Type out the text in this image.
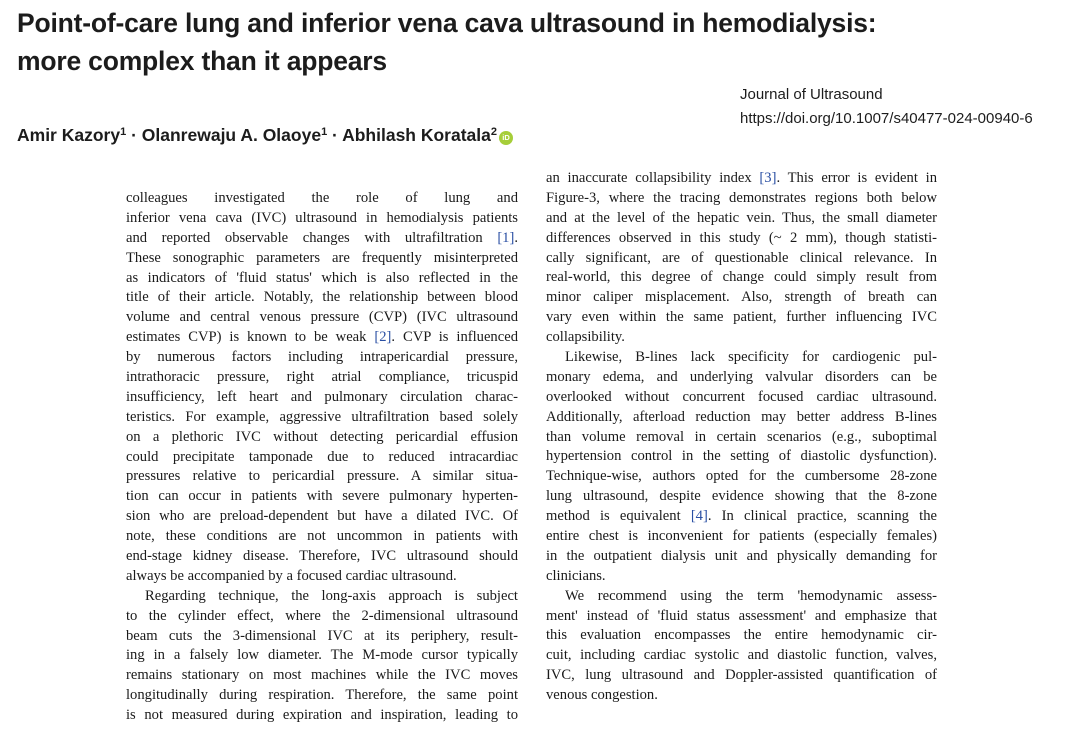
Point-of-care lung and inferior vena cava ultrasound in hemodialysis:
more complex than it appears
Journal of Ultrasound
https://doi.org/10.1007/s40477-024-00940-6
Amir Kazory$^1$ · Olanrewaju A. Olaoye$^1$ · Abhilash Koratala$^2$ iD
colleagues investigated the role of lung and
inferior vena cava (IVC) ultrasound in hemodialysis patients
and reported observable changes with ultrafiltration [1].
These sonographic parameters are frequently misinterpreted
as indicators of 'fluid status' which is also reflected in the
title of their article. Notably, the relationship between blood
volume and central venous pressure (CVP) (IVC ultrasound
estimates CVP) is known to be weak [2]. CVP is influenced
by numerous factors including intrapericardial pressure,
intrathoracic pressure, right atrial compliance, tricuspid
insufficiency, left heart and pulmonary circulation charac-
teristics. For example, aggressive ultrafiltration based solely
on a plethoric IVC without detecting pericardial effusion
could precipitate tamponade due to reduced intracardiac
pressures relative to pericardial pressure. A similar situa-
tion can occur in patients with severe pulmonary hyperten-
sion who are preload-dependent but have a dilated IVC. Of
note, these conditions are not uncommon in patients with
end-stage kidney disease. Therefore, IVC ultrasound should
always be accompanied by a focused cardiac ultrasound.
Regarding technique, the long-axis approach is subject
to the cylinder effect, where the 2-dimensional ultrasound
beam cuts the 3-dimensional IVC at its periphery, result-
ing in a falsely low diameter. The M-mode cursor typically
remains stationary on most machines while the IVC moves
longitudinally during respiration. Therefore, the same point
is not measured during expiration and inspiration, leading to
an inaccurate collapsibility index [3]. This error is evident in
Figure-3, where the tracing demonstrates regions both below
and at the level of the hepatic vein. Thus, the small diameter
differences observed in this study (~ 2 mm), though statisti-
cally significant, are of questionable clinical relevance. In
real-world, this degree of change could simply result from
minor caliper misplacement. Also, strength of breath can
vary even within the same patient, further influencing IVC
collapsibility.
Likewise, B-lines lack specificity for cardiogenic pul-
monary edema, and underlying valvular disorders can be
overlooked without concurrent focused cardiac ultrasound.
Additionally, afterload reduction may better address B-lines
than volume removal in certain scenarios (e.g., suboptimal
hypertension control in the setting of diastolic dysfunction).
Technique-wise, authors opted for the cumbersome 28-zone
lung ultrasound, despite evidence showing that the 8-zone
method is equivalent [4]. In clinical practice, scanning the
entire chest is inconvenient for patients (especially females)
in the outpatient dialysis unit and physically demanding for
clinicians.
We recommend using the term 'hemodynamic assess-
ment' instead of 'fluid status assessment' and emphasize that
this evaluation encompasses the entire hemodynamic cir-
cuit, including cardiac systolic and diastolic function, valves,
IVC, lung ultrasound and Doppler-assisted quantification of
venous congestion.
